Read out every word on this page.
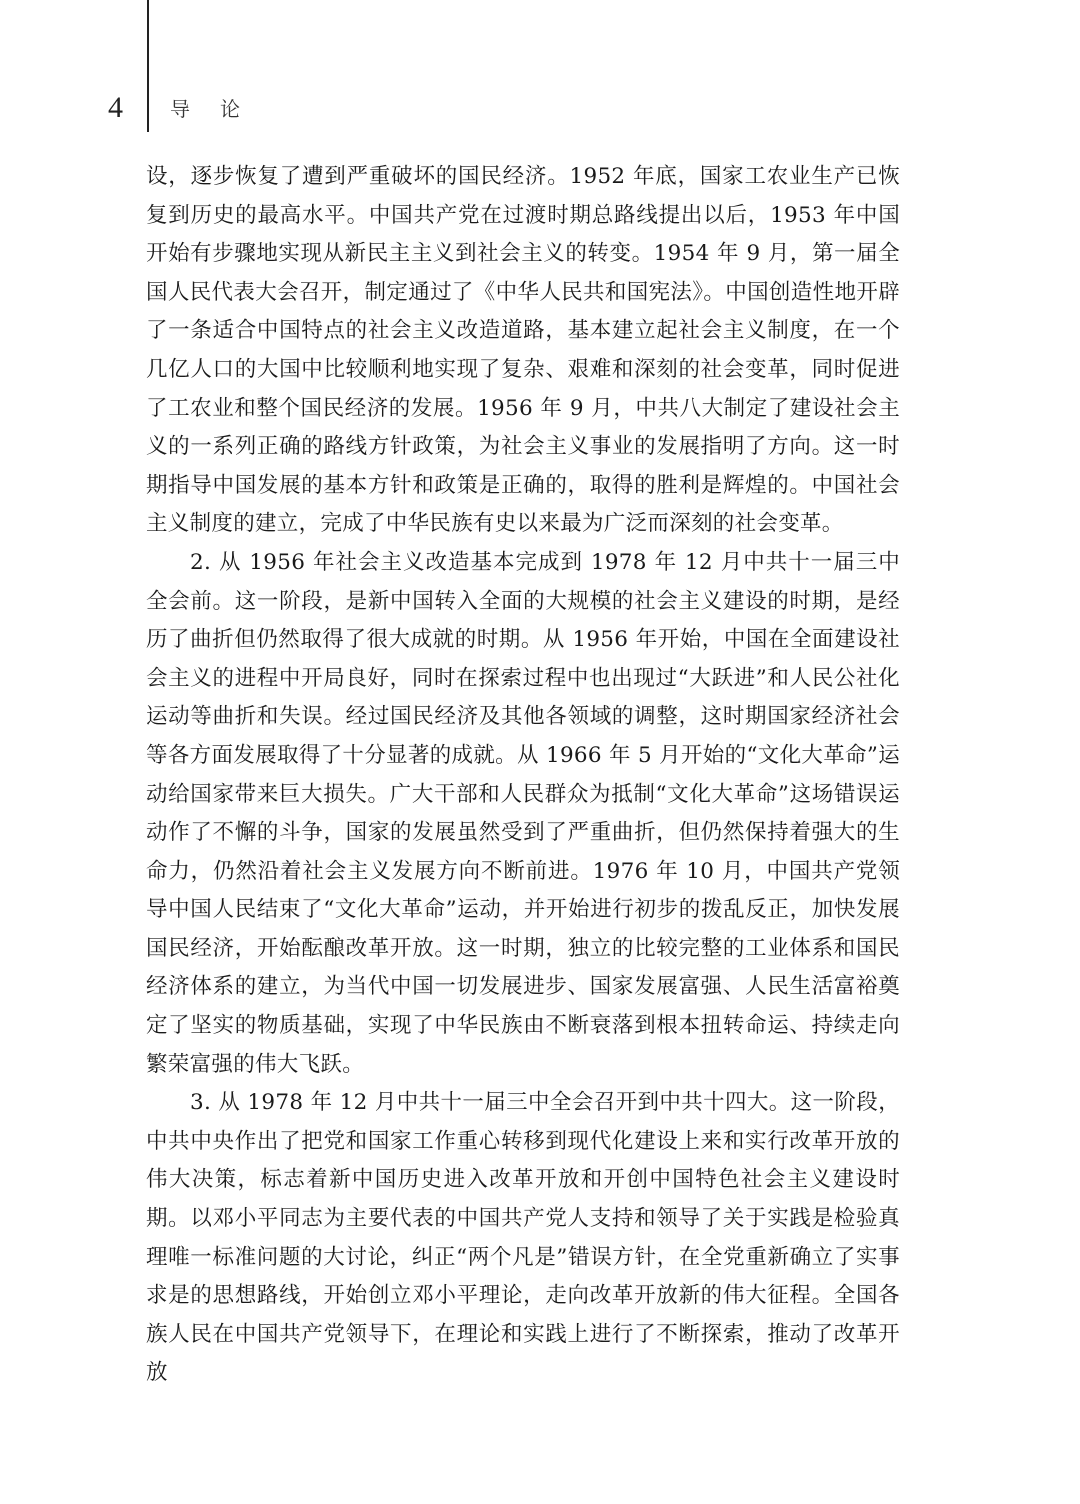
4 导论

设，逐步恢复了遭到严重破坏的国民经济。1952 年底，国家工农业生产已恢复到历史的最高水平。中国共产党在过渡时期总路线提出以后，1953 年中国开始有步骤地实现从新民主主义到社会主义的转变。1954 年 9 月，第一届全国人民代表大会召开，制定通过了《中华人民共和国宪法》。中国创造性地开辟了一条适合中国特点的社会主义改造道路，基本建立起社会主义制度，在一个几亿人口的大国中比较顺利地实现了复杂、艰难和深刻的社会变革，同时促进了工农业和整个国民经济的发展。1956 年 9 月，中共八大制定了建设社会主义的一系列正确的路线方针政策，为社会主义事业的发展指明了方向。这一时期指导中国发展的基本方针和政策是正确的，取得的胜利是辉煌的。中国社会主义制度的建立，完成了中华民族有史以来最为广泛而深刻的社会变革。

2. 从 1956 年社会主义改造基本完成到 1978 年 12 月中共十一届三中全会前。这一阶段，是新中国转入全面的大规模的社会主义建设的时期，是经历了曲折但仍然取得了很大成就的时期。从 1956 年开始，中国在全面建设社会主义的进程中开局良好，同时在探索过程中也出现过“大跃进”和人民公社化运动等曲折和失误。经过国民经济及其他各领域的调整，这时期国家经济社会等各方面发展取得了十分显著的成就。从 1966 年 5 月开始的“文化大革命”运动给国家带来巨大损失。广大干部和人民群众为抵制“文化大革命”这场错误运动作了不懈的斗争，国家的发展虽然受到了严重曲折，但仍然保持着强大的生命力，仍然沿着社会主义发展方向不断前进。1976 年 10 月，中国共产党领导中国人民结束了“文化大革命”运动，并开始进行初步的拨乱反正，加快发展国民经济，开始酝酿改革开放。这一时期，独立的比较完整的工业体系和国民经济体系的建立，为当代中国一切发展进步、国家发展富强、人民生活富裕奠定了坚实的物质基础，实现了中华民族由不断衰落到根本扭转命运、持续走向繁荣富强的伟大飞跃。

3. 从 1978 年 12 月中共十一届三中全会召开到中共十四大。这一阶段，中共中央作出了把党和国家工作重心转移到现代化建设上来和实行改革开放的伟大决策，标志着新中国历史进入改革开放和开创中国特色社会主义建设时期。以邓小平同志为主要代表的中国共产党人支持和领导了关于实践是检验真理唯一标准问题的大讨论，纠正“两个凡是”错误方针，在全党重新确立了实事求是的思想路线，开始创立邓小平理论，走向改革开放新的伟大征程。全国各族人民在中国共产党领导下，在理论和实践上进行了不断探索，推动了改革开放
